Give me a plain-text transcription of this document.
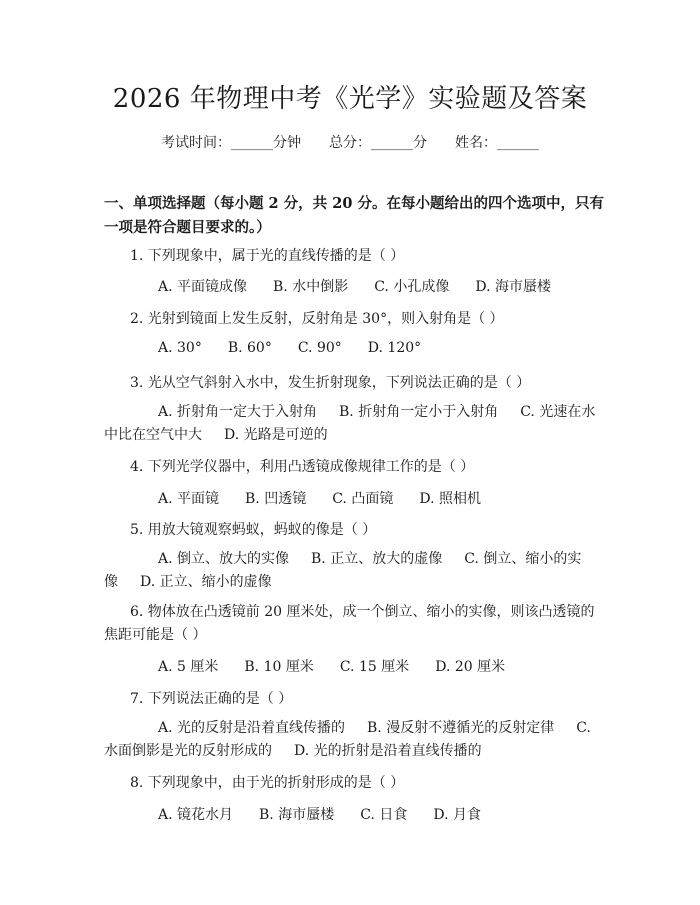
2026 年物理中考《光学》实验题及答案
考试时间：______分钟 总分：______分 姓名：______
一、单项选择题（每小题 2 分，共 20 分。在每小题给出的四个选项中，只有一项是符合题目要求的。）
1. 下列现象中，属于光的直线传播的是（ ）
A. 平面镜成像 B. 水中倒影 C. 小孔成像 D. 海市蜃楼
2. 光射到镜面上发生反射，反射角是 30°，则入射角是（ ）
A. 30° B. 60° C. 90° D. 120°
3. 光从空气斜射入水中，发生折射现象，下列说法正确的是（ ）
A. 折射角一定大于入射角 B. 折射角一定小于入射角 C. 光速在水中比在空气中大 D. 光路是可逆的
4. 下列光学仪器中，利用凸透镜成像规律工作的是（ ）
A. 平面镜 B. 凹透镜 C. 凸面镜 D. 照相机
5. 用放大镜观察蚂蚁，蚂蚁的像是（ ）
A. 倒立、放大的实像 B. 正立、放大的虚像 C. 倒立、缩小的实像 D. 正立、缩小的虚像
6. 物体放在凸透镜前 20 厘米处，成一个倒立、缩小的实像，则该凸透镜的焦距可能是（ ）
A. 5 厘米 B. 10 厘米 C. 15 厘米 D. 20 厘米
7. 下列说法正确的是（ ）
A. 光的反射是沿着直线传播的 B. 漫反射不遵循光的反射定律 C. 水面倒影是光的反射形成的 D. 光的折射是沿着直线传播的
8. 下列现象中，由于光的折射形成的是（ ）
A. 镜花水月 B. 海市蜃楼 C. 日食 D. 月食
